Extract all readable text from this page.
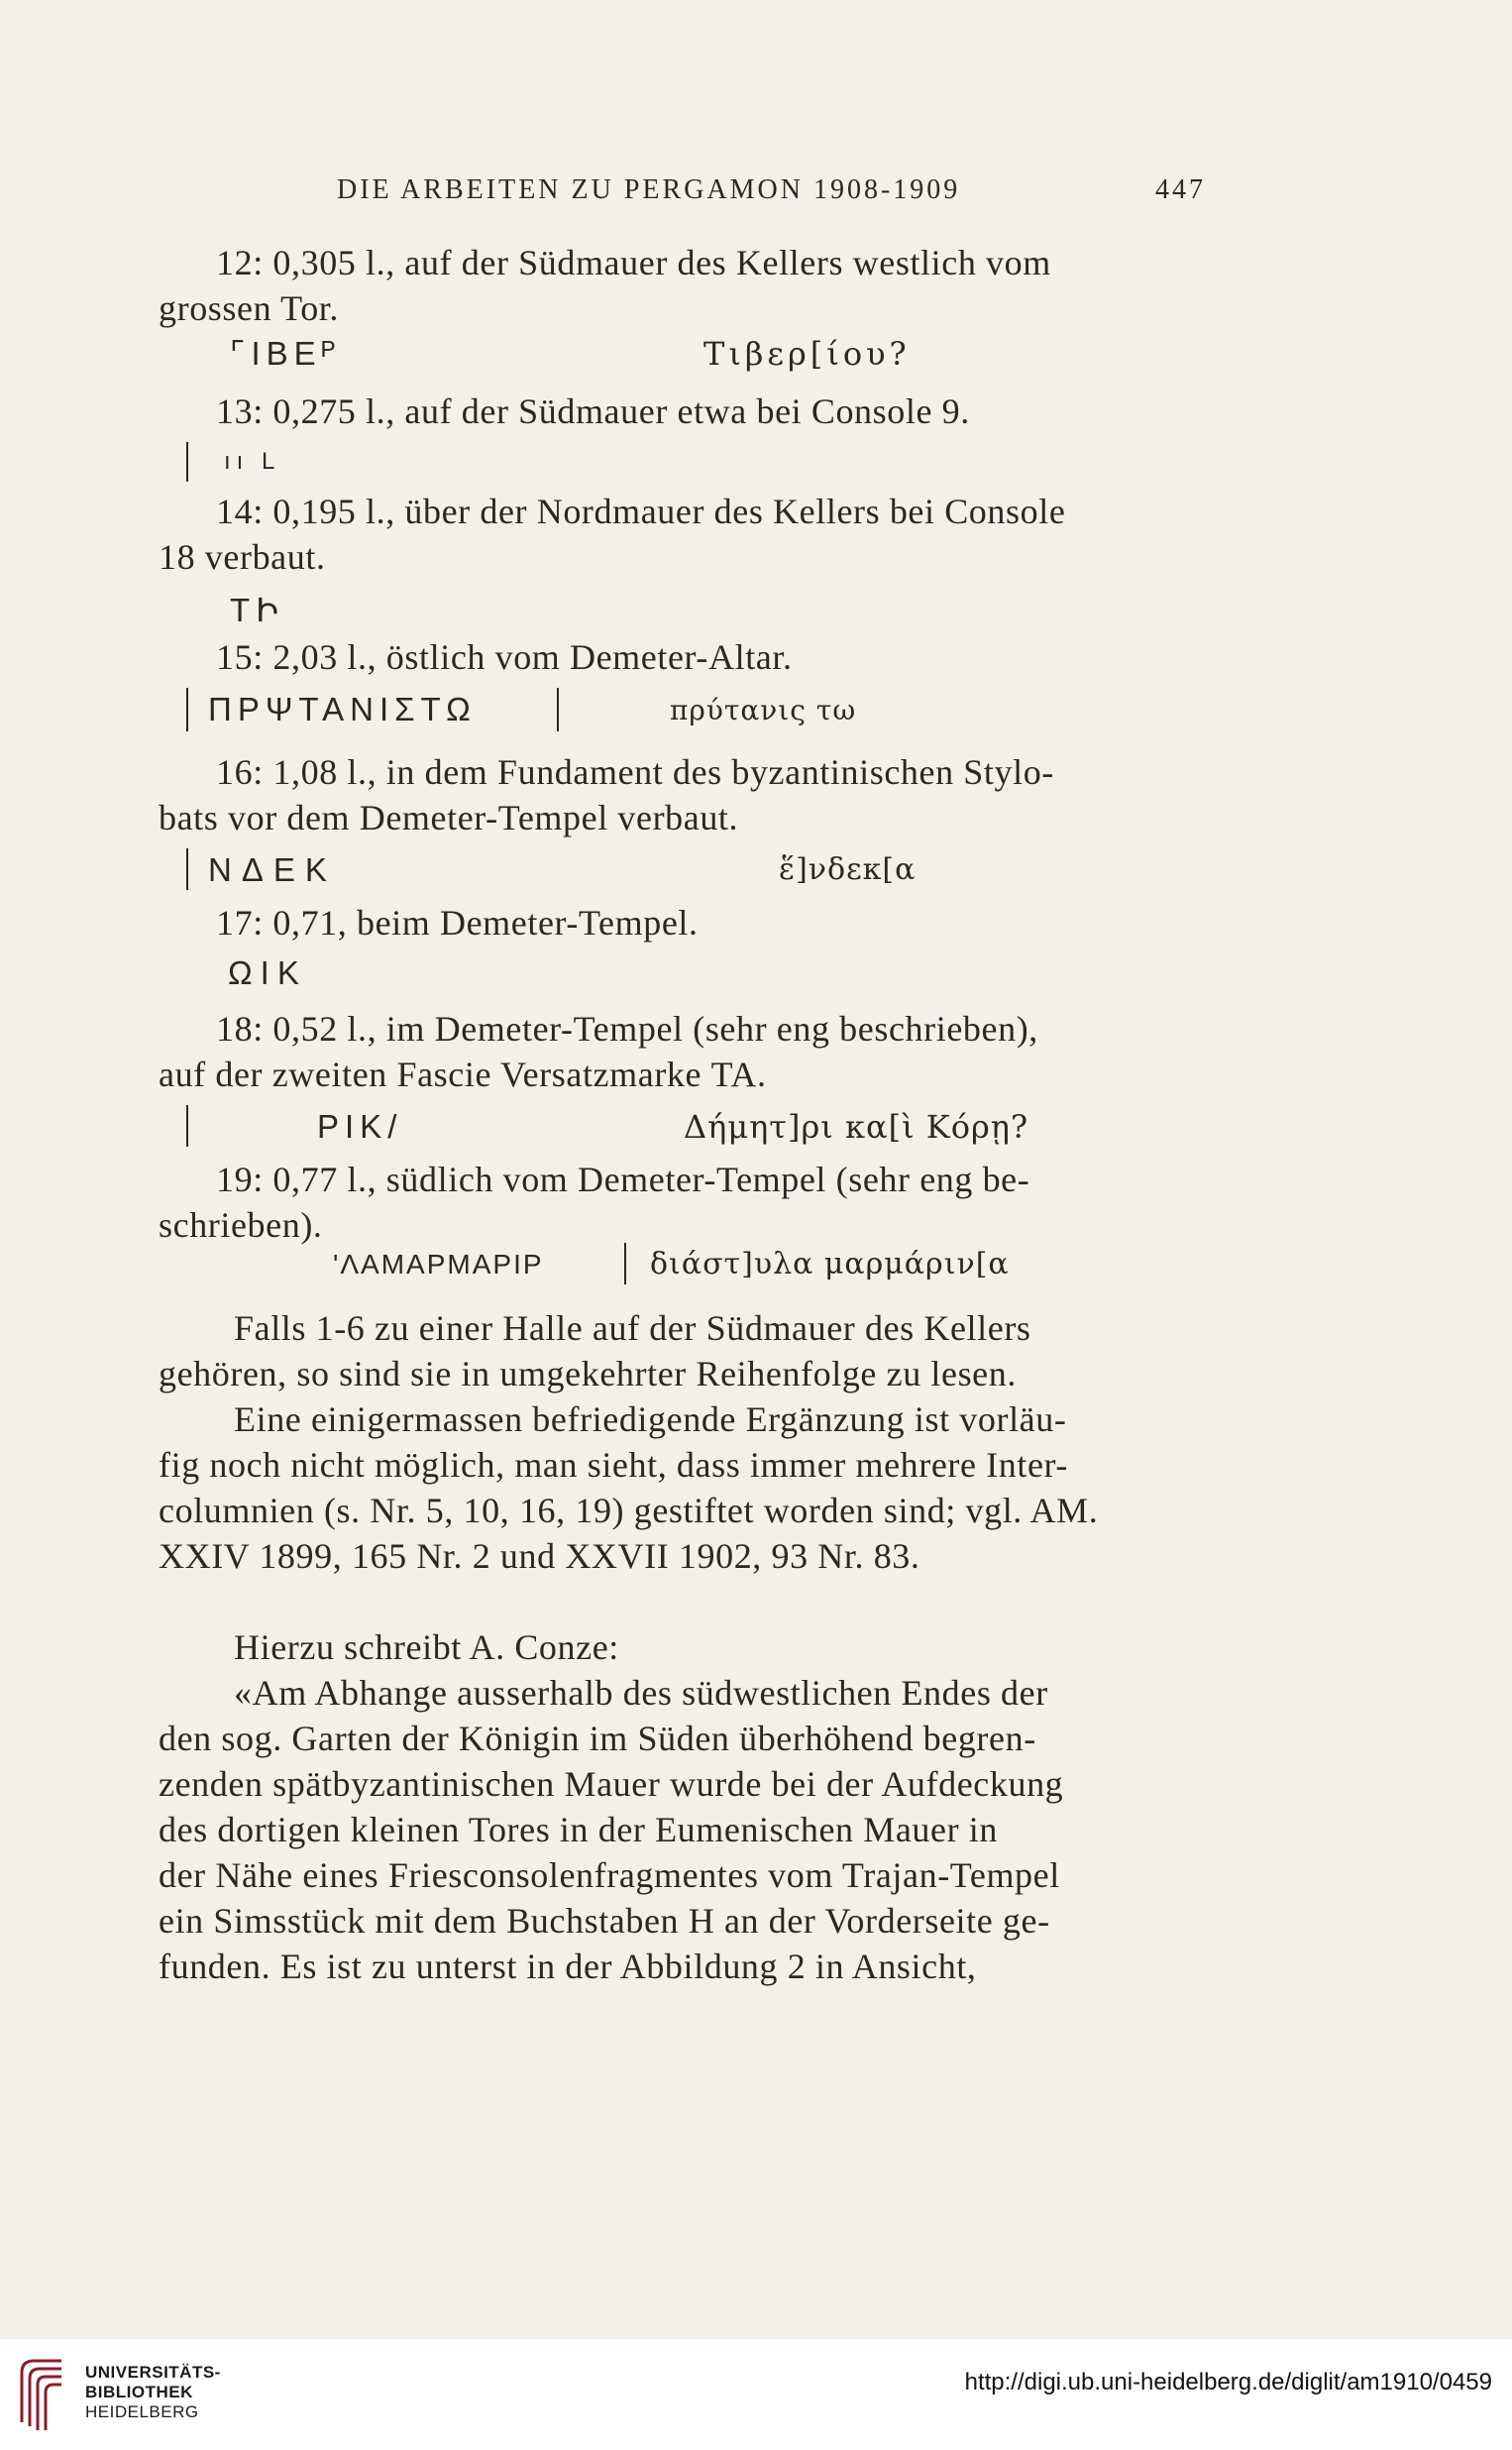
DIE ARBEITEN ZU PERGAMON 1908-1909	447
12: 0,305 l., auf der Südmauer des Kellers westlich vom
grossen Tor.
⌜IBEᴾ	Τιβερ[ίου?
13: 0,275 l., auf der Südmauer etwa bei Console 9.
ıı L
14: 0,195 l., über der Nordmauer des Kellers bei Console
18 verbaut.
TԻ
15: 2,03 l., östlich vom Demeter-Altar.
ΠΡΨΤΑΝΙΣΤΩ	πρύτανις τω
16: 1,08 l., in dem Fundament des byzantinischen Stylo-
bats vor dem Demeter-Tempel verbaut.
ΝΔΕΚ	ἕ]νδεκ[α
17: 0,71, beim Demeter-Tempel.
ΩΙΚ
18: 0,52 l., im Demeter-Tempel (sehr eng beschrieben),
auf der zweiten Fascie Versatzmarke ΤΑ.
ΡΙΚ/	Δήμητ]ρι κα[ὶ Κόρῃ?
19: 0,77 l., südlich vom Demeter-Tempel (sehr eng be-
schrieben).
ʹΛΑΜΑΡΜΑΡΙΡ	διάστ]υλα μαρμάριν[α
Falls 1-6 zu einer Halle auf der Südmauer des Kellers
gehören, so sind sie in umgekehrter Reihenfolge zu lesen.
Eine einigermassen befriedigende Ergänzung ist vorläu-
fig noch nicht möglich, man sieht, dass immer mehrere Inter-
columnien (s. Nr. 5, 10, 16, 19) gestiftet worden sind; vgl. AM.
XXIV 1899, 165 Nr. 2 und XXVII 1902, 93 Nr. 83.
Hierzu schreibt A. Conze:
«Am Abhange ausserhalb des südwestlichen Endes der
den sog. Garten der Königin im Süden überhöhend begren-
zenden spätbyzantinischen Mauer wurde bei der Aufdeckung
des dortigen kleinen Tores in der Eumenischen Mauer in
der Nähe eines Friesconsolenfragmentes vom Trajan-Tempel
ein Simsstück mit dem Buchstaben H an der Vorderseite ge-
funden. Es ist zu unterst in der Abbildung 2 in Ansicht,
UNIVERSITÄTS-
BIBLIOTHEK
HEIDELBERG
http://digi.ub.uni-heidelberg.de/diglit/am1910/0459
